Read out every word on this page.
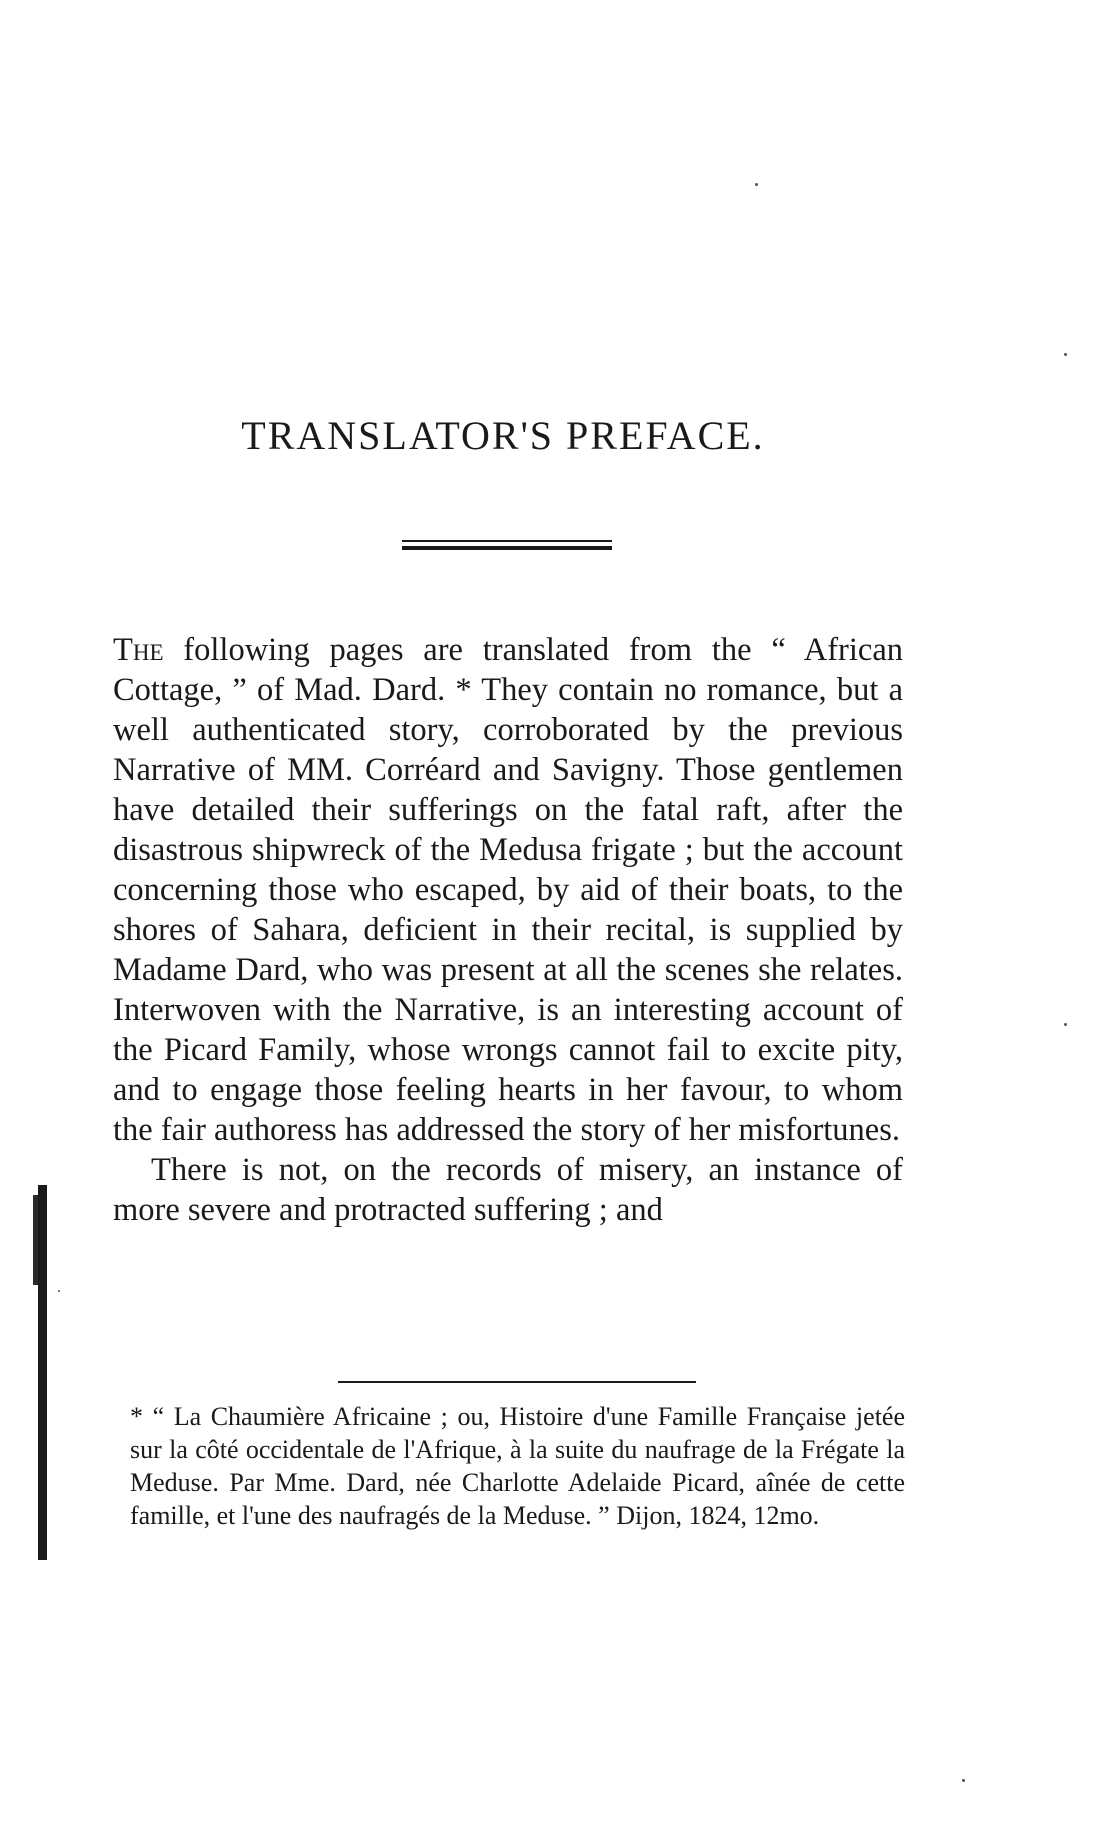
TRANSLATOR'S PREFACE.

The following pages are translated from the “ African Cottage, ” of Mad. Dard. * They contain no romance, but a well authenticated story, corroborated by the previous Narrative of MM. Corréard and Savigny. Those gentlemen have detailed their sufferings on the fatal raft, after the disastrous shipwreck of the Medusa frigate ; but the account concerning those who escaped, by aid of their boats, to the shores of Sahara, deficient in their recital, is supplied by Madame Dard, who was present at all the scenes she relates. Interwoven with the Narrative, is an interesting account of the Picard Family, whose wrongs cannot fail to excite pity, and to engage those feeling hearts in her favour, to whom the fair authoress has addressed the story of her misfortunes.

There is not, on the records of misery, an instance of more severe and protracted suffering ; and

* “ La Chaumière Africaine ; ou, Histoire d'une Famille Française jetée sur la côté occidentale de l'Afrique, à la suite du naufrage de la Frégate la Meduse. Par Mme. Dard, née Charlotte Adelaide Picard, aînée de cette famille, et l'une des naufragés de la Meduse. ” Dijon, 1824, 12mo.
